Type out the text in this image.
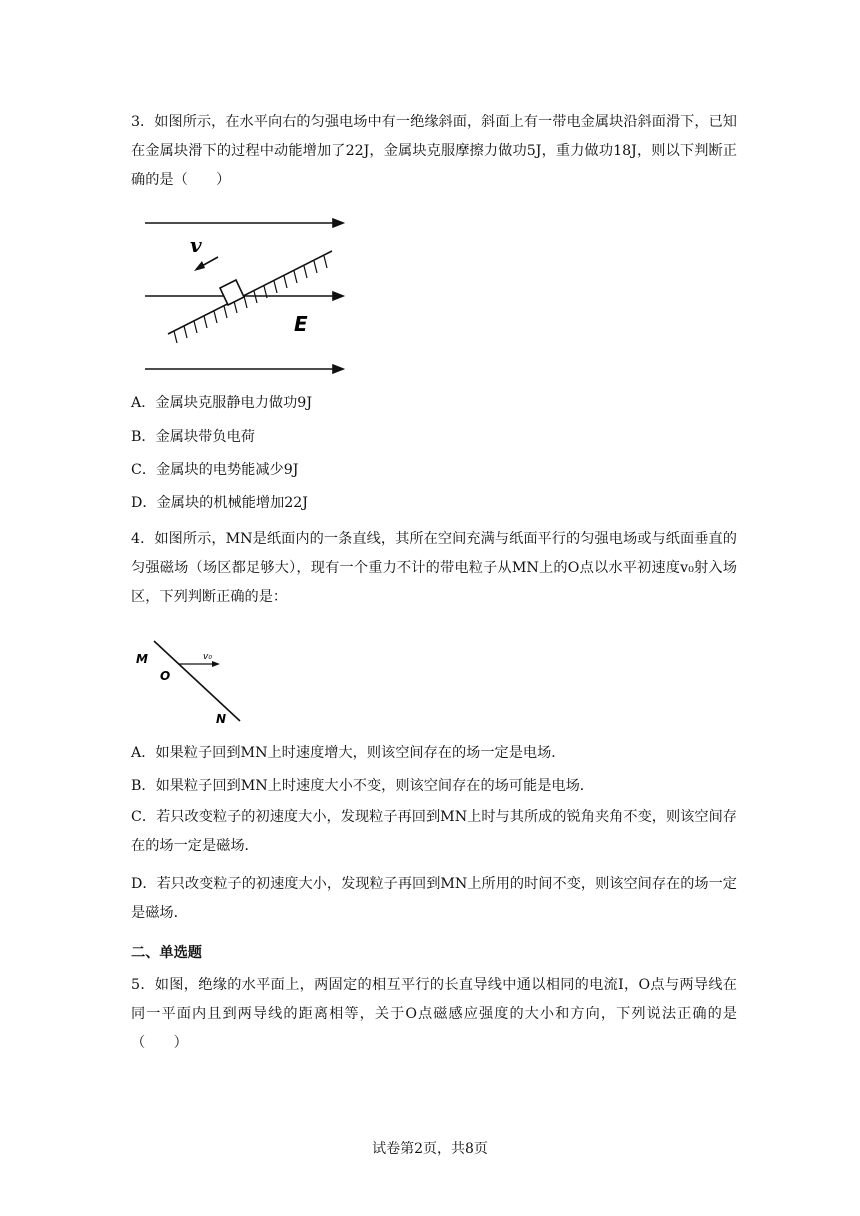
3．如图所示，在水平向右的匀强电场中有一绝缘斜面，斜面上有一带电金属块沿斜面滑下，已知在金属块滑下的过程中动能增加了22J，金属块克服摩擦力做功5J，重力做功18J，则以下判断正确的是（　　）

v
E
A．金属块克服静电力做功9J
B．金属块带负电荷
C．金属块的电势能减少9J
D．金属块的机械能增加22J

4．如图所示，MN是纸面内的一条直线，其所在空间充满与纸面平行的匀强电场或与纸面垂直的匀强磁场（场区都足够大），现有一个重力不计的带电粒子从MN上的O点以水平初速度v₀射入场区，下列判断正确的是：

M
O
v₀
N
A．如果粒子回到MN上时速度增大，则该空间存在的场一定是电场．
B．如果粒子回到MN上时速度大小不变，则该空间存在的场可能是电场．

C．若只改变粒子的初速度大小，发现粒子再回到MN上时与其所成的锐角夹角不变，则该空间存在的场一定是磁场．

D．若只改变粒子的初速度大小，发现粒子再回到MN上所用的时间不变，则该空间存在的场一定是磁场．

二、单选题

5．如图，绝缘的水平面上，两固定的相互平行的长直导线中通以相同的电流I，O点与两导线在同一平面内且到两导线的距离相等，关于O点磁感应强度的大小和方向，下列说法正确的是（　　）

试卷第2页，共8页
